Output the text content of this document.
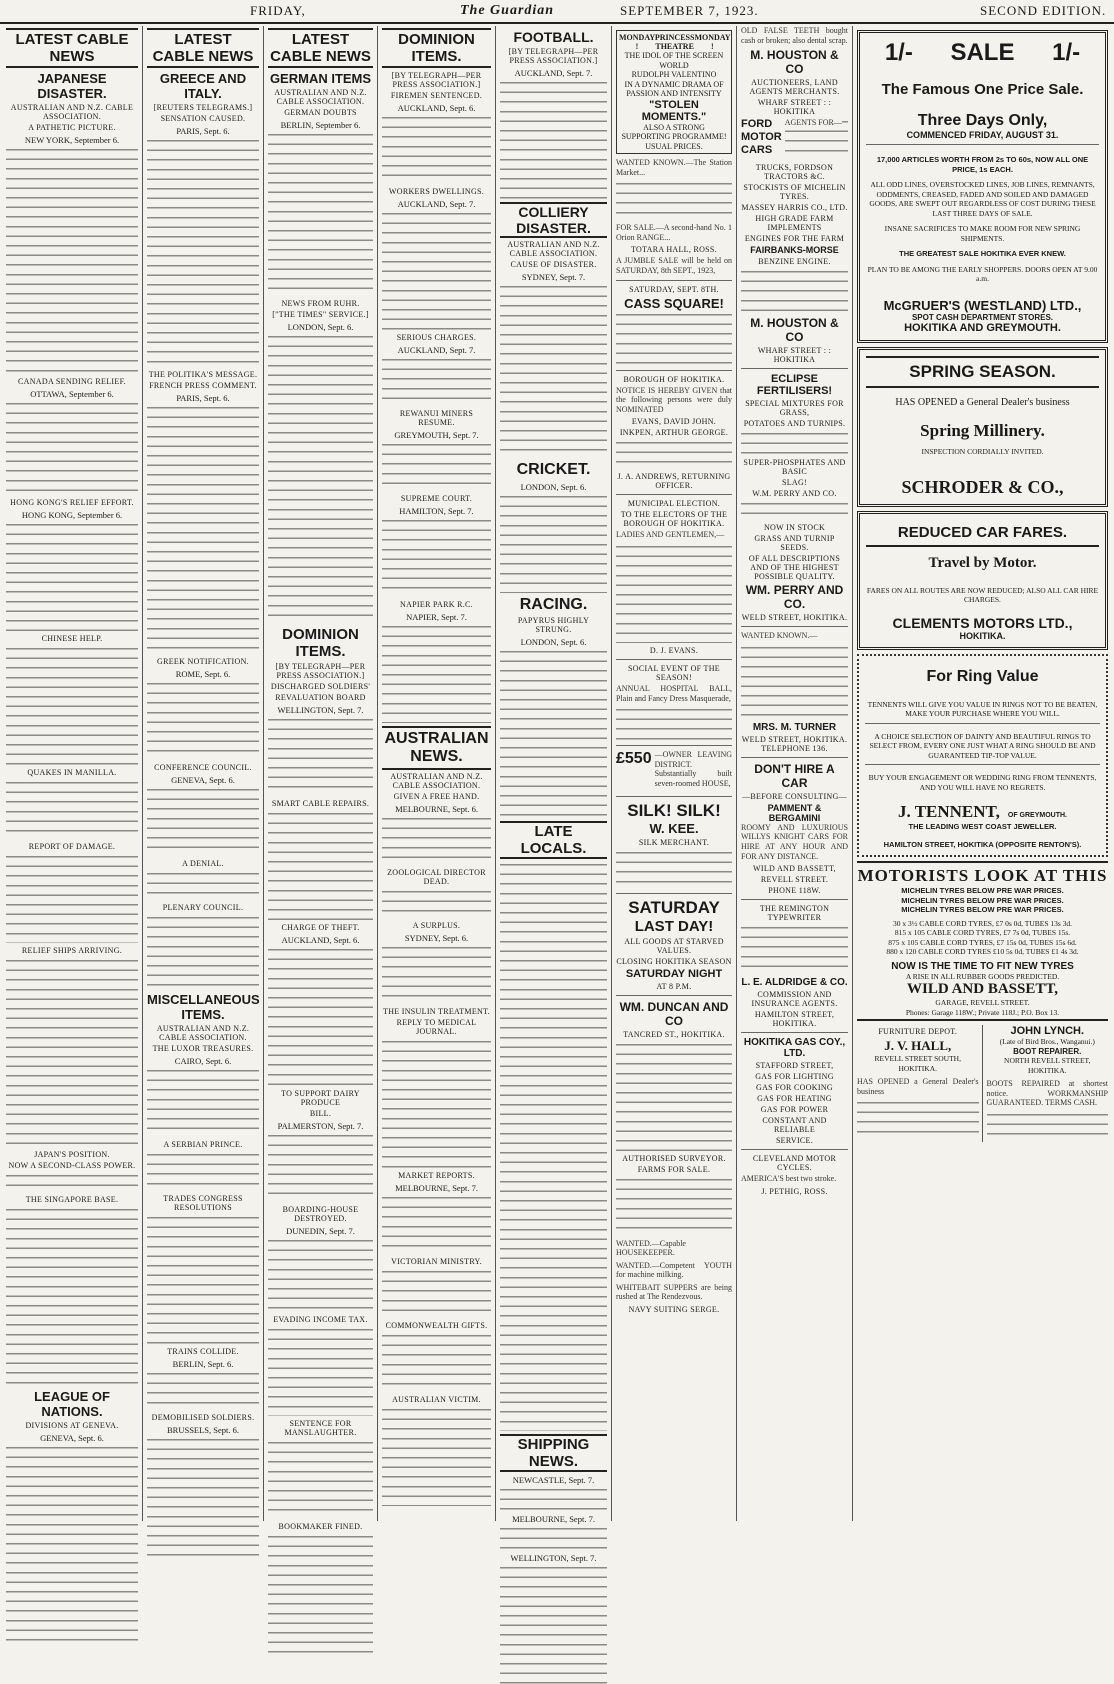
FRIDAY,	The Guardian	SEPTEMBER 7, 1923.	SECOND EDITION.
LATEST CABLE NEWS
JAPANESE DISASTER.
AUSTRALIAN AND N.Z. CABLE ASSOCIATION.
A PATHETIC PICTURE.
NEW YORK, September 6.
CANADA SENDING RELIEF.
OTTAWA, September 6.
HONG KONG'S RELIEF EFFORT.
HONG KONG, September 6.
CHINESE HELP.
QUAKES IN MANILLA.
REPORT OF DAMAGE.
RELIEF SHIPS ARRIVING.
JAPAN'S POSITION.
NOW A SECOND-CLASS POWER.
THE SINGAPORE BASE.
LEAGUE OF NATIONS.
DIVISIONS AT GENEVA.
GENEVA, Sept. 6.
LATEST CABLE NEWS
GREECE AND ITALY.
[REUTERS TELEGRAMS.]
SENSATION CAUSED.
PARIS, Sept. 6.
THE POLITIKA'S MESSAGE.
FRENCH PRESS COMMENT.
PARIS, Sept. 6.
GREEK NOTIFICATION.
ROME, Sept. 6.
CONFERENCE COUNCIL.
GENEVA, Sept. 6.
A DENIAL.
PLENARY COUNCIL.
MISCELLANEOUS ITEMS.
AUSTRALIAN AND N.Z. CABLE ASSOCIATION.
THE LUXOR TREASURES.
CAIRO, Sept. 6.
A SERBIAN PRINCE.
TRADES CONGRESS RESOLUTIONS
TRAINS COLLIDE.
BERLIN, Sept. 6.
DEMOBILISED SOLDIERS.
BRUSSELS, Sept. 6.
LATEST CABLE NEWS
GERMAN ITEMS
AUSTRALIAN AND N.Z. CABLE ASSOCIATION.
GERMAN DOUBTS
BERLIN, September 6.
NEWS FROM RUHR.
["THE TIMES" SERVICE.]
LONDON, Sept. 6.
DOMINION ITEMS.
[BY TELEGRAPH—PER PRESS ASSOCIATION.]
DISCHARGED SOLDIERS'
REVALUATION BOARD
WELLINGTON, Sept. 7.
SMART CABLE REPAIRS.
CHARGE OF THEFT.
AUCKLAND, Sept. 6.
TO SUPPORT DAIRY PRODUCE
BILL.
PALMERSTON, Sept. 7.
BOARDING-HOUSE DESTROYED.
DUNEDIN, Sept. 7.
EVADING INCOME TAX.
SENTENCE FOR MANSLAUGHTER.
BOOKMAKER FINED.
DOMINION ITEMS.
[BY TELEGRAPH—PER PRESS ASSOCIATION.]
FIREMEN SENTENCED.
AUCKLAND, Sept. 6.
WORKERS DWELLINGS.
AUCKLAND, Sept. 7.
SERIOUS CHARGES.
AUCKLAND, Sept. 7.
REWANUI MINERS RESUME.
GREYMOUTH, Sept. 7.
SUPREME COURT.
HAMILTON, Sept. 7.
NAPIER PARK R.C.
NAPIER, Sept. 7.
AUSTRALIAN NEWS.
AUSTRALIAN AND N.Z. CABLE ASSOCIATION.
GIVEN A FREE HAND.
MELBOURNE, Sept. 6.
ZOOLOGICAL DIRECTOR DEAD.
A SURPLUS.
SYDNEY, Sept. 6.
THE INSULIN TREATMENT.
REPLY TO MEDICAL JOURNAL.
MARKET REPORTS.
MELBOURNE, Sept. 7.
VICTORIAN MINISTRY.
COMMONWEALTH GIFTS.
AUSTRALIAN VICTIM.
FOOTBALL.
[BY TELEGRAPH—PER PRESS ASSOCIATION.]
AUCKLAND, Sept. 7.
COLLIERY DISASTER.
AUSTRALIAN AND N.Z. CABLE ASSOCIATION.
CAUSE OF DISASTER.
SYDNEY, Sept. 7.
CRICKET.
LONDON, Sept. 6.
RACING.
PAPYRUS HIGHLY STRUNG.
LONDON, Sept. 6.
LATE LOCALS.
SHIPPING NEWS.
NEWCASTLE, Sept. 7.
MELBOURNE, Sept. 7.
WELLINGTON, Sept. 7.
MONDAY !
PRINCESS THEATRE
MONDAY !
THE IDOL OF THE SCREEN WORLD
RUDOLPH VALENTINO
IN A DYNAMIC DRAMA OF PASSION AND INTENSITY
"STOLEN MOMENTS."
ALSO A STRONG SUPPORTING PROGRAMME!
USUAL PRICES.
WANTED KNOWN.—The Station Market...
FOR SALE.—A second-hand No. 1 Orion RANGE...
TOTARA HALL, ROSS.
A JUMBLE SALE will be held on SATURDAY, 8th SEPT., 1923,
SATURDAY, SEPT. 8TH.
CASS SQUARE!
BOROUGH OF HOKITIKA.
NOTICE IS HEREBY GIVEN that the following persons were duly NOMINATED
EVANS, DAVID JOHN.
INKPEN, ARTHUR GEORGE.
J. A. ANDREWS, RETURNING OFFICER.
MUNICIPAL ELECTION.
TO THE ELECTORS OF THE BOROUGH OF HOKITIKA.
LADIES AND GENTLEMEN,—
D. J. EVANS.
SOCIAL EVENT OF THE SEASON!
ANNUAL HOSPITAL BALL, Plain and Fancy Dress Masquerade,
£550 —OWNER LEAVING DISTRICT. Substantially built seven-roomed HOUSE,
SILK! SILK!
W. KEE.
SILK MERCHANT.
SATURDAY
LAST DAY!
ALL GOODS AT STARVED VALUES.
CLOSING HOKITIKA SEASON
SATURDAY NIGHT
AT 8 P.M.
WM. DUNCAN AND CO
TANCRED ST., HOKITIKA.
AUTHORISED SURVEYOR.
FARMS FOR SALE.
WANTED.—Capable HOUSEKEEPER.
WANTED.—Competent YOUTH for machine milking.
WHITEBAIT SUPPERS are being rushed at The Rendezvous.
NAVY SUITING SERGE.
OLD FALSE TEETH bought cash or broken; also dental scrap.
M. HOUSTON & CO
AUCTIONEERS, LAND AGENTS MERCHANTS.
WHARF STREET : : HOKITIKA
FORD
MOTOR
CARS
AGENTS FOR—
TRUCKS, FORDSON TRACTORS &C.
STOCKISTS OF MICHELIN TYRES.
MASSEY HARRIS CO., LTD.
HIGH GRADE FARM IMPLEMENTS
ENGINES FOR THE FARM
FAIRBANKS-MORSE
BENZINE ENGINE.
M. HOUSTON & CO
WHARF STREET : : HOKITIKA
ECLIPSE FERTILISERS!
SPECIAL MIXTURES FOR GRASS,
POTATOES AND TURNIPS.
SUPER-PHOSPHATES AND BASIC
SLAG!
W.M. PERRY AND CO.
NOW IN STOCK
GRASS AND TURNIP SEEDS.
OF ALL DESCRIPTIONS AND OF THE HIGHEST POSSIBLE QUALITY.
WM. PERRY AND CO.
WELD STREET, HOKITIKA.
WANTED KNOWN.—
MRS. M. TURNER
WELD STREET, HOKITIKA. TELEPHONE 136.
DON'T HIRE A CAR
—BEFORE CONSULTING—
PAMMENT & BERGAMINI
ROOMY AND LUXURIOUS WILLYS KNIGHT CARS FOR HIRE AT ANY HOUR AND FOR ANY DISTANCE.
WILD AND BASSETT,
REVELL STREET.
PHONE 118W.
THE REMINGTON TYPEWRITER
L. E. ALDRIDGE & CO.
COMMISSION AND INSURANCE AGENTS.
HAMILTON STREET, HOKITIKA.
HOKITIKA GAS COY., LTD.
STAFFORD STREET,
GAS FOR LIGHTING
GAS FOR COOKING
GAS FOR HEATING
GAS FOR POWER
CONSTANT AND RELIABLE
SERVICE.
CLEVELAND MOTOR CYCLES.
AMERICA'S best two stroke.
J. PETHIG, ROSS.
1/- SALE 1/-
The Famous One Price Sale.
Three Days Only,
COMMENCED FRIDAY, AUGUST 31.
17,000 ARTICLES WORTH FROM 2s TO 60s, NOW ALL ONE PRICE, 1s EACH.
ALL ODD LINES, OVERSTOCKED LINES, JOB LINES, REMNANTS, ODDMENTS, CREASED, FADED AND SOILED AND DAMAGED GOODS, ARE SWEPT OUT REGARDLESS OF COST DURING THESE LAST THREE DAYS OF SALE.
INSANE SACRIFICES TO MAKE ROOM FOR NEW SPRING SHIPMENTS.
THE GREATEST SALE HOKITIKA EVER KNEW.
PLAN TO BE AMONG THE EARLY SHOPPERS. DOORS OPEN AT 9.00 a.m.
McGRUER'S (WESTLAND) LTD.,
SPOT CASH DEPARTMENT STORES.
HOKITIKA AND GREYMOUTH.
SPRING SEASON.
HAS OPENED a General Dealer's business
Spring Millinery.
INSPECTION CORDIALLY INVITED.
SCHRODER & CO.,
REDUCED CAR FARES.
Travel by Motor.
FARES ON ALL ROUTES ARE NOW REDUCED; ALSO ALL CAR HIRE CHARGES.
CLEMENTS MOTORS LTD.,
HOKITIKA.
For Ring Value
TENNENTS WILL GIVE YOU VALUE IN RINGS NOT TO BE BEATEN, MAKE YOUR PURCHASE WHERE YOU WILL.
A CHOICE SELECTION OF DAINTY AND BEAUTIFUL RINGS TO SELECT FROM, EVERY ONE JUST WHAT A RING SHOULD BE AND GUARANTEED TIP-TOP VALUE.
BUY YOUR ENGAGEMENT OR WEDDING RING FROM TENNENTS, AND YOU WILL HAVE NO REGRETS.
J. TENNENT, OF GREYMOUTH.
THE LEADING WEST COAST JEWELLER.
HAMILTON STREET, HOKITIKA (OPPOSITE RENTON'S).
MOTORISTS LOOK AT THIS
MICHELIN TYRES BELOW PRE WAR PRICES.
MICHELIN TYRES BELOW PRE WAR PRICES.
MICHELIN TYRES BELOW PRE WAR PRICES.
30 x 3½ CABLE CORD TYRES, £7 0s 0d, TUBES 13s 3d.
815 x 105 CABLE CORD TYRES, £7 7s 0d, TUBES 15s.
875 x 105 CABLE CORD TYRES, £7 15s 0d, TUBES 15s 6d.
880 x 120 CABLE CORD TYRES £10 5s 0d, TUBES £1 4s 3d.
NOW IS THE TIME TO FIT NEW TYRES
A RISE IN ALL RUBBER GOODS PREDICTED.
WILD AND BASSETT,
GARAGE, REVELL STREET.
Phones: Garage 118W.; Private 118J.; P.O. Box 13.
FURNITURE DEPOT.
J. V. HALL,
REVELL STREET SOUTH, HOKITIKA.
HAS OPENED a General Dealer's business
JOHN LYNCH.
(Late of Bird Bros., Wanganui.)
BOOT REPAIRER.
NORTH REVELL STREET, HOKITIKA.
BOOTS REPAIRED at shortest notice. WORKMANSHIP GUARANTEED. TERMS CASH.
